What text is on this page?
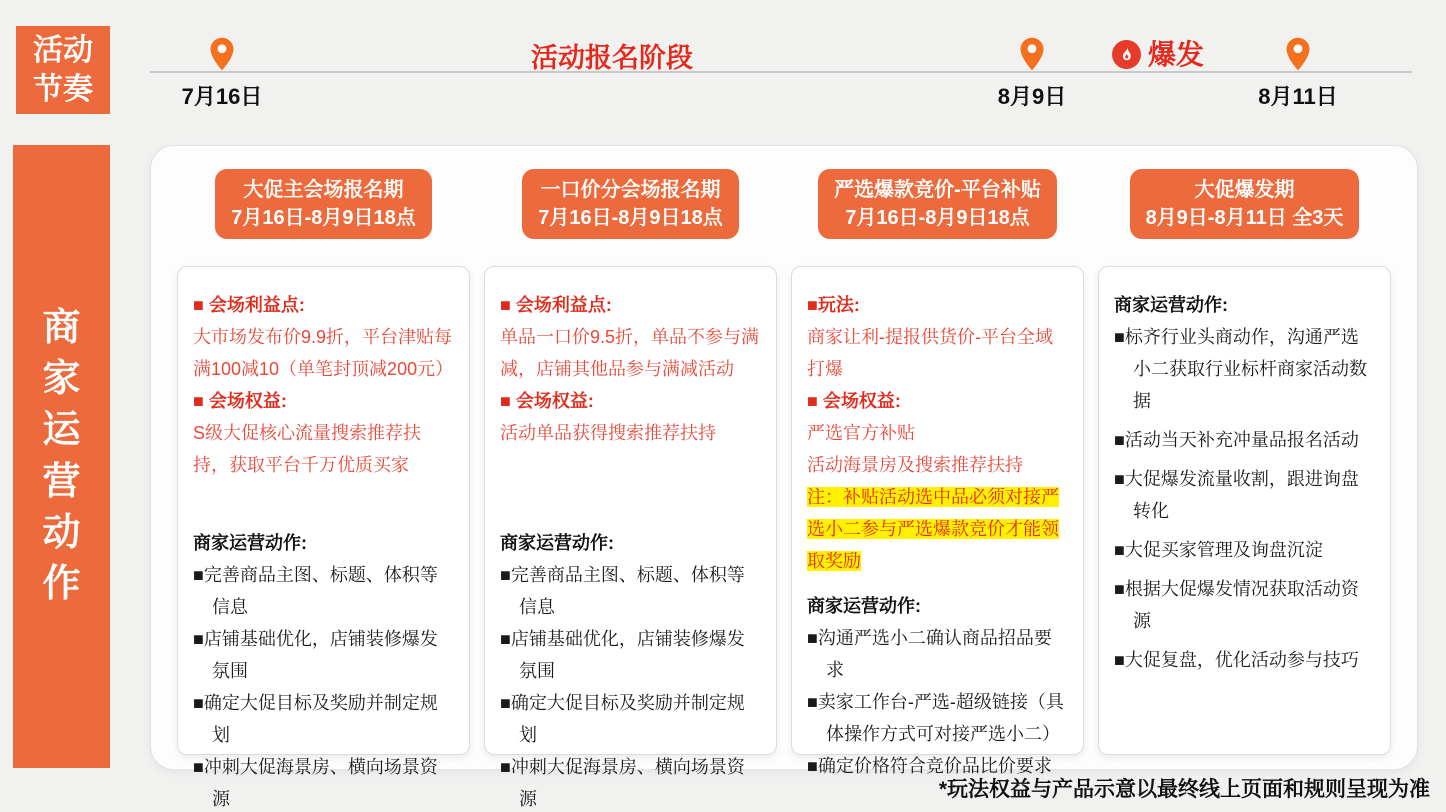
活动
节奏
活动报名阶段
7月16日	8月9日	8月11日
爆发
商家运营动作
大促主会场报名期
7月16日-8月9日18点
■ 会场利益点:
大市场发布价9.9折，平台津贴每满100减10（单笔封顶减200元）
■ 会场权益:
S级大促核心流量搜索推荐扶持，获取平台千万优质买家
商家运营动作:
■完善商品主图、标题、体积等信息
■店铺基础优化，店铺装修爆发氛围
■确定大促目标及奖励并制定规划
■冲刺大促海景房、横向场景资源
一口价分会场报名期
7月16日-8月9日18点
■ 会场利益点:
单品一口价9.5折，单品不参与满减，店铺其他品参与满减活动
■ 会场权益:
活动单品获得搜索推荐扶持
商家运营动作:
■完善商品主图、标题、体积等信息
■店铺基础优化，店铺装修爆发氛围
■确定大促目标及奖励并制定规划
■冲刺大促海景房、横向场景资源
严选爆款竞价-平台补贴
7月16日-8月9日18点
■玩法:
商家让利-提报供货价-平台全域打爆
■ 会场权益:
严选官方补贴
活动海景房及搜索推荐扶持
注：补贴活动选中品必须对接严选小二参与严选爆款竞价才能领取奖励
商家运营动作:
■沟通严选小二确认商品招品要求
■卖家工作台-严选-超级链接（具体操作方式可对接严选小二）
■确定价格符合竞价品比价要求
大促爆发期
8月9日-8月11日 全3天
商家运营动作:
■标齐行业头商动作，沟通严选小二获取行业标杆商家活动数据
■活动当天补充冲量品报名活动
■大促爆发流量收割，跟进询盘转化
■大促买家管理及询盘沉淀
■根据大促爆发情况获取活动资源
■大促复盘，优化活动参与技巧
*玩法权益与产品示意以最终线上页面和规则呈现为准
